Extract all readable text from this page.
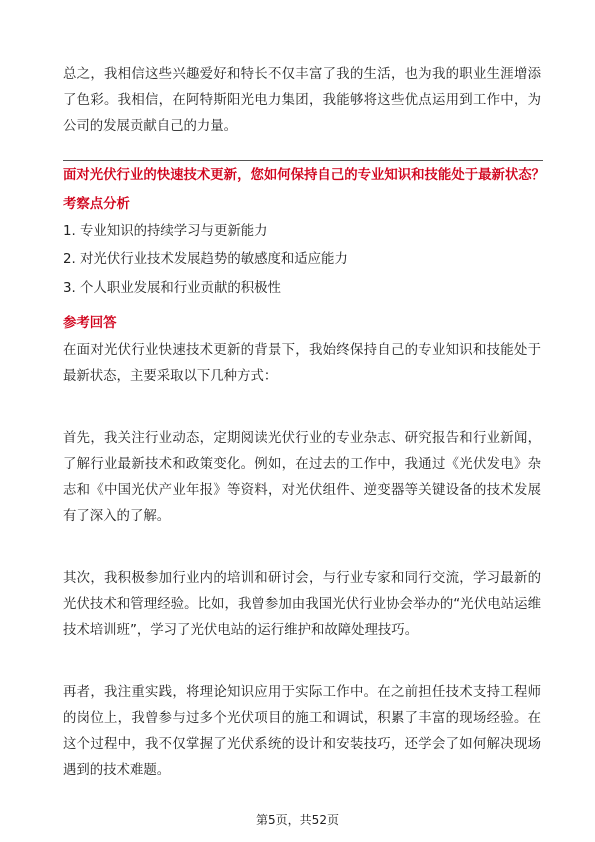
总之，我相信这些兴趣爱好和特长不仅丰富了我的生活，也为我的职业生涯增添了色彩。我相信，在阿特斯阳光电力集团，我能够将这些优点运用到工作中，为公司的发展贡献自己的力量。

面对光伏行业的快速技术更新，您如何保持自己的专业知识和技能处于最新状态？

考察点分析

1. 专业知识的持续学习与更新能力

2. 对光伏行业技术发展趋势的敏感度和适应能力

3. 个人职业发展和行业贡献的积极性

参考回答

在面对光伏行业快速技术更新的背景下，我始终保持自己的专业知识和技能处于最新状态，主要采取以下几种方式：

首先，我关注行业动态，定期阅读光伏行业的专业杂志、研究报告和行业新闻，了解行业最新技术和政策变化。例如，在过去的工作中，我通过《光伏发电》杂志和《中国光伏产业年报》等资料，对光伏组件、逆变器等关键设备的技术发展有了深入的了解。

其次，我积极参加行业内的培训和研讨会，与行业专家和同行交流，学习最新的光伏技术和管理经验。比如，我曾参加由我国光伏行业协会举办的“光伏电站运维技术培训班”，学习了光伏电站的运行维护和故障处理技巧。

再者，我注重实践，将理论知识应用于实际工作中。在之前担任技术支持工程师的岗位上，我曾参与过多个光伏项目的施工和调试，积累了丰富的现场经验。在这个过程中，我不仅掌握了光伏系统的设计和安装技巧，还学会了如何解决现场遇到的技术难题。

第5页，共52页
